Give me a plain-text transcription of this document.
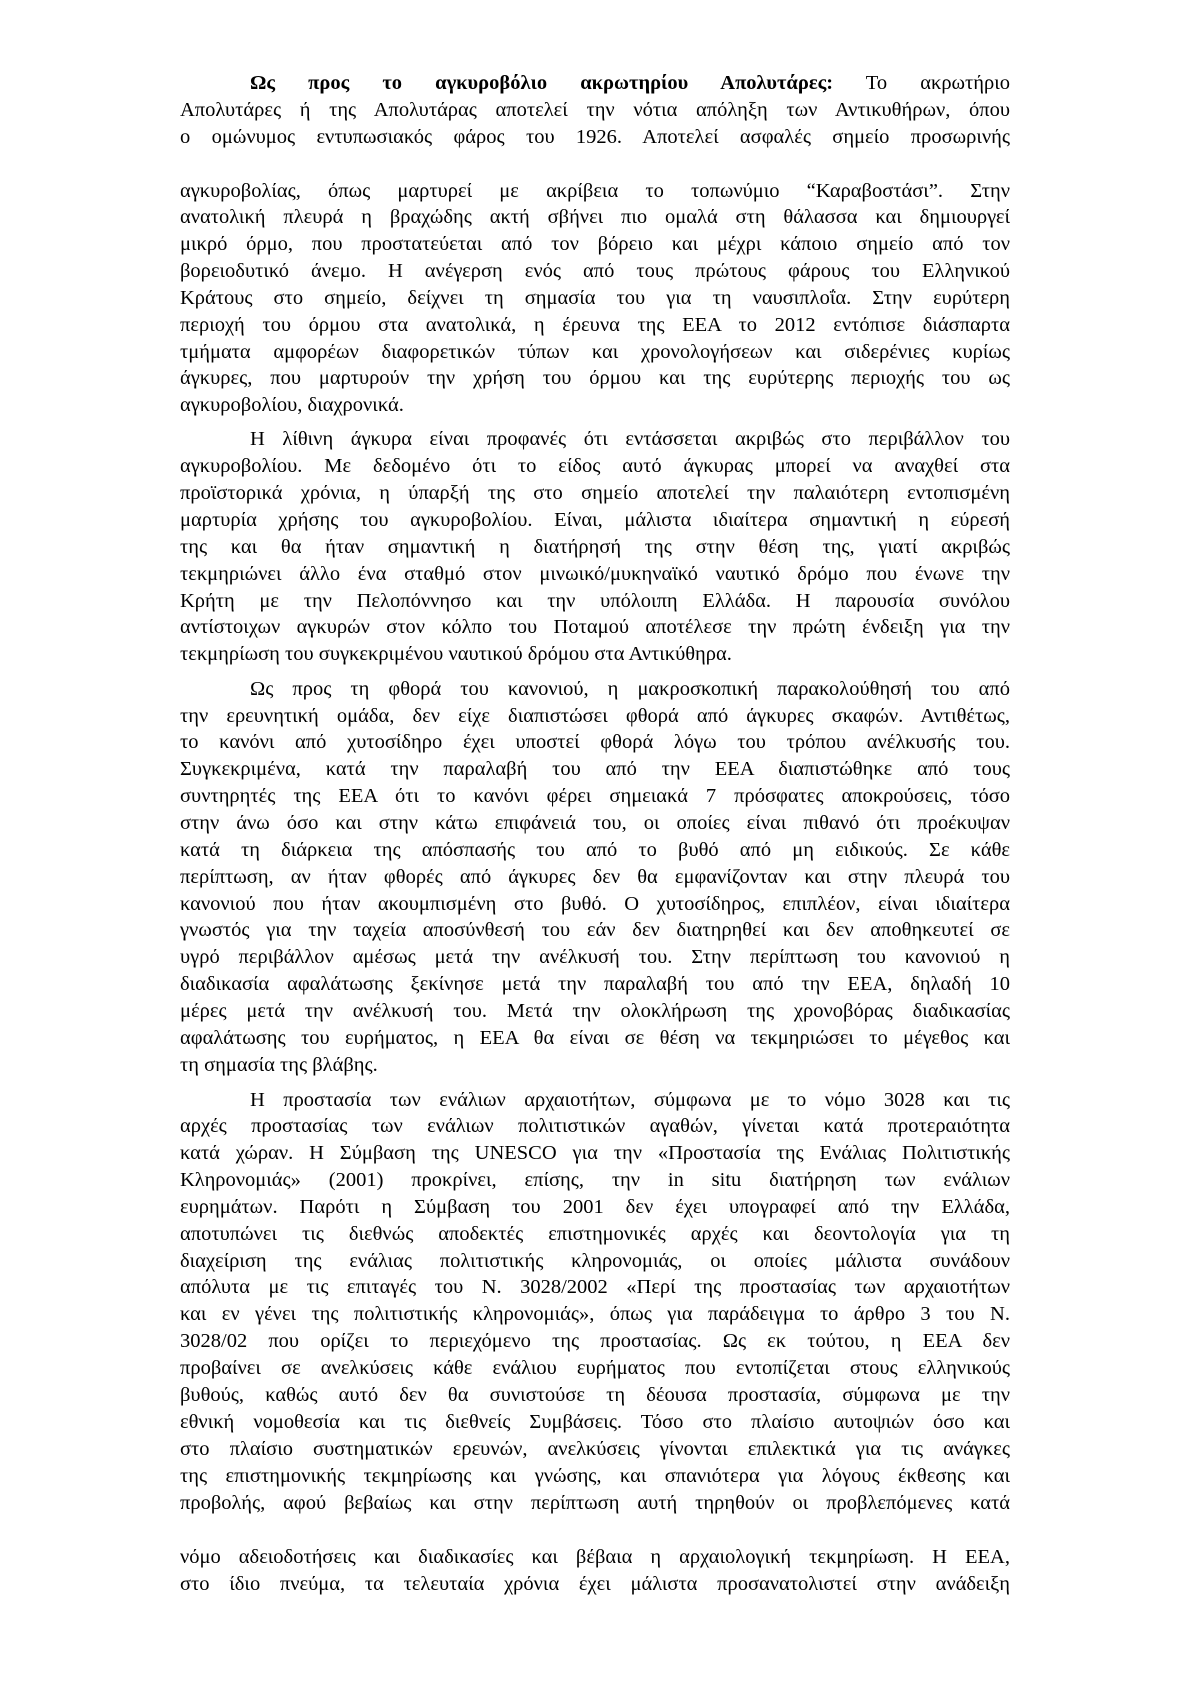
Ως προς το αγκυροβόλιο ακρωτηρίου Απολυτάρες: Το ακρωτήριο
Απολυτάρες ή της Απολυτάρας αποτελεί την νότια απόληξη των Αντικυθήρων, όπου
ο ομώνυμος εντυπωσιακός φάρος του 1926. Αποτελεί ασφαλές σημείο προσωρινής
αγκυροβολίας, όπως μαρτυρεί με ακρίβεια το τοπωνύμιο “Καραβοστάσι”. Στην
ανατολική πλευρά η βραχώδης ακτή σβήνει πιο ομαλά στη θάλασσα και δημιουργεί
μικρό όρμο, που προστατεύεται από τον βόρειο και μέχρι κάποιο σημείο από τον
βορειοδυτικό άνεμο. Η ανέγερση ενός από τους πρώτους φάρους του Ελληνικού
Κράτους στο σημείο, δείχνει τη σημασία του για τη ναυσιπλοΐα. Στην ευρύτερη
περιοχή του όρμου στα ανατολικά, η έρευνα της ΕΕΑ το 2012 εντόπισε διάσπαρτα
τμήματα αμφορέων διαφορετικών τύπων και χρονολογήσεων και σιδερένιες κυρίως
άγκυρες, που μαρτυρούν την χρήση του όρμου και της ευρύτερης περιοχής του ως
αγκυροβολίου, διαχρονικά.
Η λίθινη άγκυρα είναι προφανές ότι εντάσσεται ακριβώς στο περιβάλλον του
αγκυροβολίου. Με δεδομένο ότι το είδος αυτό άγκυρας μπορεί να αναχθεί στα
προϊστορικά χρόνια, η ύπαρξή της στο σημείο αποτελεί την παλαιότερη εντοπισμένη
μαρτυρία χρήσης του αγκυροβολίου. Είναι, μάλιστα ιδιαίτερα σημαντική η εύρεσή
της και θα ήταν σημαντική η διατήρησή της στην θέση της, γιατί ακριβώς
τεκμηριώνει άλλο ένα σταθμό στον μινωικό/μυκηναϊκό ναυτικό δρόμο που ένωνε την
Κρήτη με την Πελοπόννησο και την υπόλοιπη Ελλάδα. Η παρουσία συνόλου
αντίστοιχων αγκυρών στον κόλπο του Ποταμού αποτέλεσε την πρώτη ένδειξη για την
τεκμηρίωση του συγκεκριμένου ναυτικού δρόμου στα Αντικύθηρα.
Ως προς τη φθορά του κανονιού, η μακροσκοπική παρακολούθησή του από
την ερευνητική ομάδα, δεν είχε διαπιστώσει φθορά από άγκυρες σκαφών. Αντιθέτως,
το κανόνι από χυτοσίδηρο έχει υποστεί φθορά λόγω του τρόπου ανέλκυσής του.
Συγκεκριμένα, κατά την παραλαβή του από την ΕΕΑ διαπιστώθηκε από τους
συντηρητές της ΕΕΑ ότι το κανόνι φέρει σημειακά 7 πρόσφατες αποκρούσεις, τόσο
στην άνω όσο και στην κάτω επιφάνειά του, οι οποίες είναι πιθανό ότι προέκυψαν
κατά τη διάρκεια της απόσπασής του από το βυθό από μη ειδικούς. Σε κάθε
περίπτωση, αν ήταν φθορές από άγκυρες δεν θα εμφανίζονταν και στην πλευρά του
κανονιού που ήταν ακουμπισμένη στο βυθό. Ο χυτοσίδηρος, επιπλέον, είναι ιδιαίτερα
γνωστός για την ταχεία αποσύνθεσή του εάν δεν διατηρηθεί και δεν αποθηκευτεί σε
υγρό περιβάλλον αμέσως μετά την ανέλκυσή του. Στην περίπτωση του κανονιού η
διαδικασία αφαλάτωσης ξεκίνησε μετά την παραλαβή του από την ΕΕΑ, δηλαδή 10
μέρες μετά την ανέλκυσή του. Μετά την ολοκλήρωση της χρονοβόρας διαδικασίας
αφαλάτωσης του ευρήματος, η ΕΕΑ θα είναι σε θέση να τεκμηριώσει το μέγεθος και
τη σημασία της βλάβης.
Η προστασία των ενάλιων αρχαιοτήτων, σύμφωνα με το νόμο 3028 και τις
αρχές προστασίας των ενάλιων πολιτιστικών αγαθών, γίνεται κατά προτεραιότητα
κατά χώραν. Η Σύμβαση της UNESCO για την «Προστασία της Ενάλιας Πολιτιστικής
Κληρονομιάς» (2001) προκρίνει, επίσης, την in situ διατήρηση των ενάλιων
ευρημάτων. Παρότι η Σύμβαση του 2001 δεν έχει υπογραφεί από την Ελλάδα,
αποτυπώνει τις διεθνώς αποδεκτές επιστημονικές αρχές και δεοντολογία για τη
διαχείριση της ενάλιας πολιτιστικής κληρονομιάς, οι οποίες μάλιστα συνάδουν
απόλυτα με τις επιταγές του Ν. 3028/2002 «Περί της προστασίας των αρχαιοτήτων
και εν γένει της πολιτιστικής κληρονομιάς», όπως για παράδειγμα το άρθρο 3 του Ν.
3028/02 που ορίζει το περιεχόμενο της προστασίας. Ως εκ τούτου, η ΕΕΑ δεν
προβαίνει σε ανελκύσεις κάθε ενάλιου ευρήματος που εντοπίζεται στους ελληνικούς
βυθούς, καθώς αυτό δεν θα συνιστούσε τη δέουσα προστασία, σύμφωνα με την
εθνική νομοθεσία και τις διεθνείς Συμβάσεις. Τόσο στο πλαίσιο αυτοψιών όσο και
στο πλαίσιο συστηματικών ερευνών, ανελκύσεις γίνονται επιλεκτικά για τις ανάγκες
της επιστημονικής τεκμηρίωσης και γνώσης, και σπανιότερα για λόγους έκθεσης και
προβολής, αφού βεβαίως και στην περίπτωση αυτή τηρηθούν οι προβλεπόμενες κατά
νόμο αδειοδοτήσεις και διαδικασίες και βέβαια η αρχαιολογική τεκμηρίωση. Η ΕΕΑ,
στο ίδιο πνεύμα, τα τελευταία χρόνια έχει μάλιστα προσανατολιστεί στην ανάδειξη
